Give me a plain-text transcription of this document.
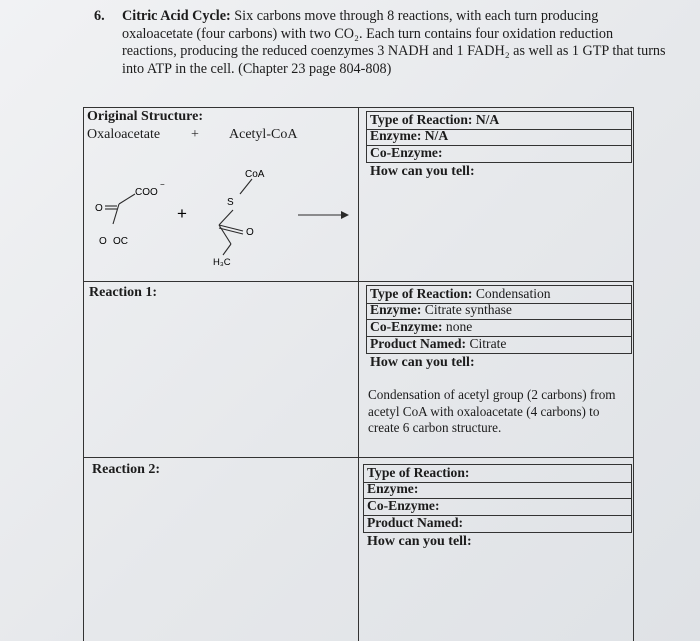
6. Citric Acid Cycle: Six carbons move through 8 reactions, with each turn producing oxaloacetate (four carbons) with two CO₂. Each turn contains four oxidation reduction reactions, producing the reduced coenzymes 3 NADH and 1 FADH₂ as well as 1 GTP that turns into ATP in the cell. (Chapter 23 page 804-808)
Original Structure:
Oxaloacetate + Acetyl-CoA
COO
−
O
O OC
+
CoA
S
O
H₃C
Type of Reaction: N/A
Enzyme: N/A
Co-Enzyme:
How can you tell:
Reaction 1:	Type of Reaction: Condensation
Enzyme: Citrate synthase
Co-Enzyme: none
Product Named: Citrate
How can you tell:
Condensation of acetyl group (2 carbons) from acetyl CoA with oxaloacetate (4 carbons) to create 6 carbon structure.
Reaction 2:	Type of Reaction:
Enzyme:
Co-Enzyme:
Product Named:
How can you tell:
